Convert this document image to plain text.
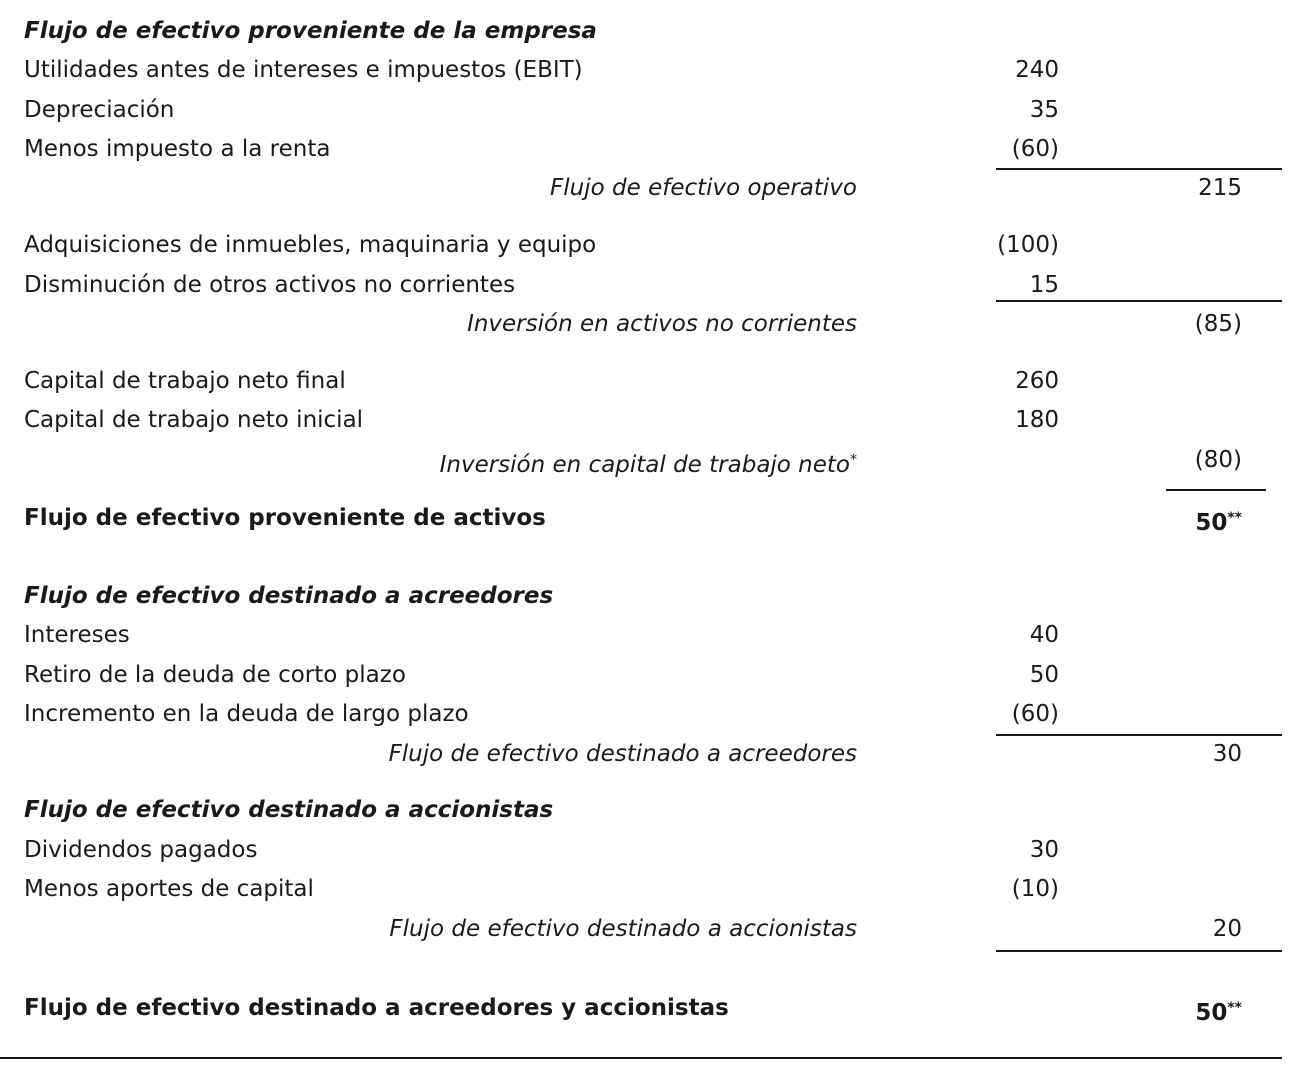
Flujo de efectivo proveniente de la empresa
Utilidades antes de intereses e impuestos (EBIT)	240
Depreciación	35
Menos impuesto a la renta	(60)
Flujo de efectivo operativo	215
Adquisiciones de inmuebles, maquinaria y equipo	(100)
Disminución de otros activos no corrientes	15
Inversión en activos no corrientes	(85)
Capital de trabajo neto final	260
Capital de trabajo neto inicial	180
Inversión en capital de trabajo neto*	(80)
Flujo de efectivo proveniente de activos	50**
Flujo de efectivo destinado a acreedores
Intereses	40
Retiro de la deuda de corto plazo	50
Incremento en la deuda de largo plazo	(60)
Flujo de efectivo destinado a acreedores	30
Flujo de efectivo destinado a accionistas
Dividendos pagados	30
Menos aportes de capital	(10)
Flujo de efectivo destinado a accionistas	20
Flujo de efectivo destinado a acreedores y accionistas	50**
